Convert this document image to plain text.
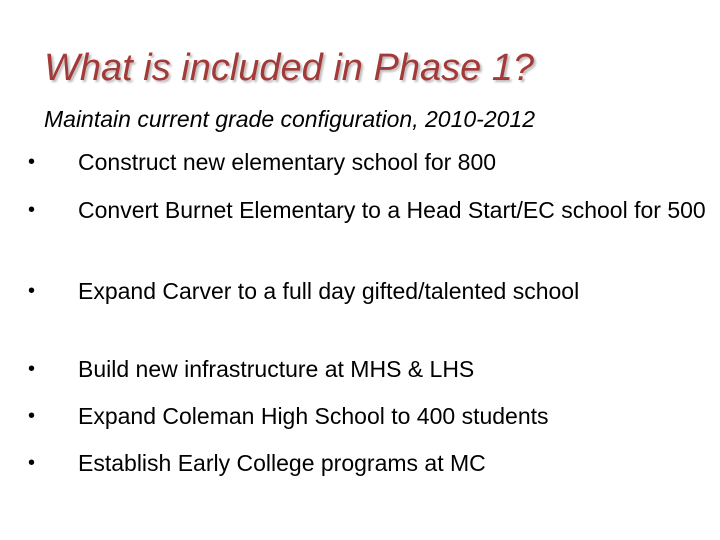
What is included in Phase 1?

Maintain current grade configuration, 2010-2012

•	Construct new elementary school for 800
•	Convert Burnet Elementary to a Head Start/EC school for 500
•	Expand Carver to a full day gifted/talented school
•	Build new infrastructure at MHS & LHS
•	Expand Coleman High School to 400 students
•	Establish Early College programs at MC
